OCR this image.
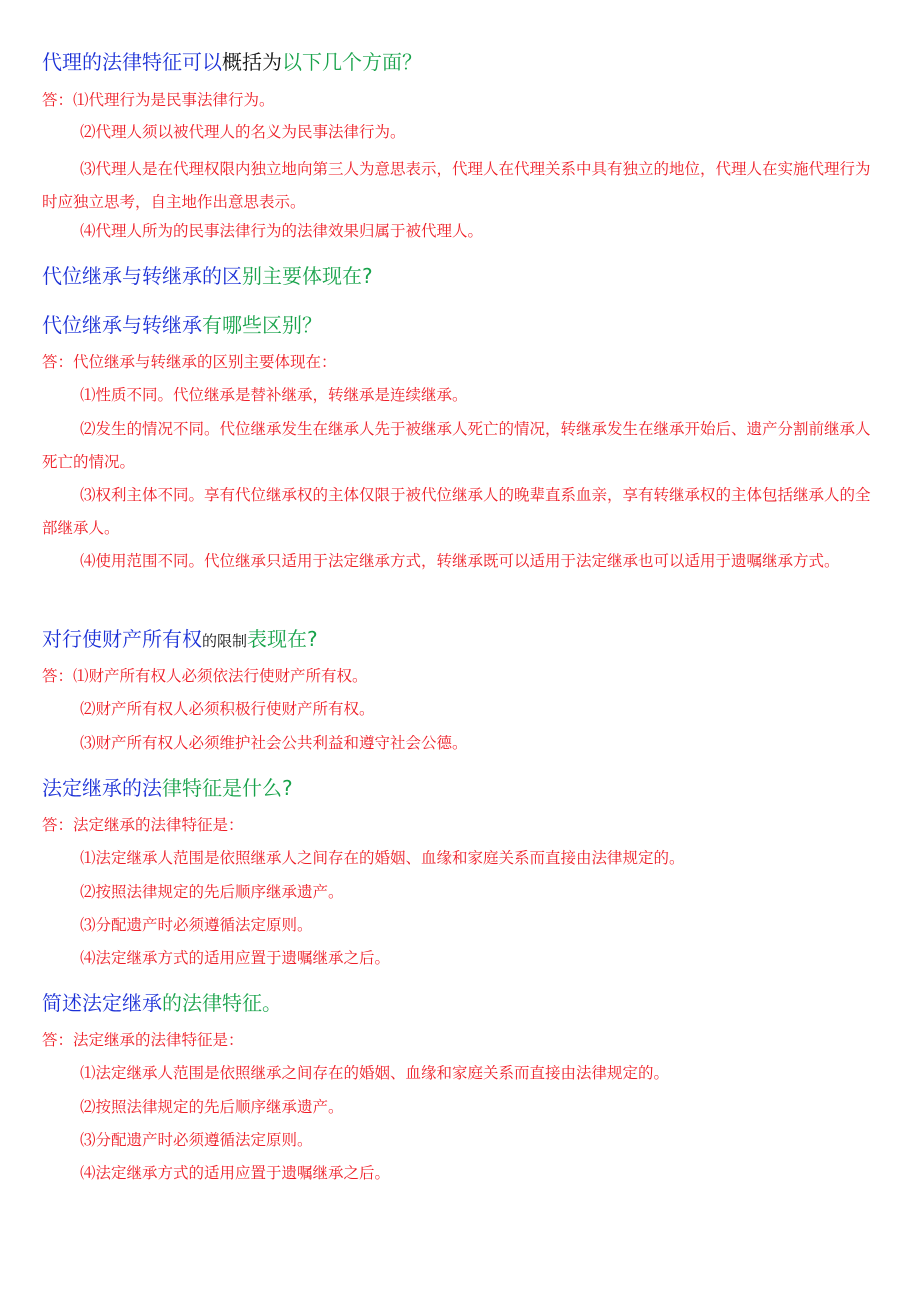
代理的法律特征可以概括为以下几个方面？

答：⑴代理行为是民事法律行为。

⑵代理人须以被代理人的名义为民事法律行为。

⑶代理人是在代理权限内独立地向第三人为意思表示，代理人在代理关系中具有独立的地位，代理人在实施代理行为时应独立思考，自主地作出意思表示。

⑷代理人所为的民事法律行为的法律效果归属于被代理人。

代位继承与转继承的区别主要体现在?
代位继承与转继承有哪些区别？

答：代位继承与转继承的区别主要体现在：

⑴性质不同。代位继承是替补继承，转继承是连续继承。

⑵发生的情况不同。代位继承发生在继承人先于被继承人死亡的情况，转继承发生在继承开始后、遗产分割前继承人死亡的情况。

⑶权利主体不同。享有代位继承权的主体仅限于被代位继承人的晚辈直系血亲，享有转继承权的主体包括继承人的全部继承人。

⑷使用范围不同。代位继承只适用于法定继承方式，转继承既可以适用于法定继承也可以适用于遗嘱继承方式。

对行使财产所有权的限制表现在?

答：⑴财产所有权人必须依法行使财产所有权。

⑵财产所有权人必须积极行使财产所有权。

⑶财产所有权人必须维护社会公共利益和遵守社会公德。

法定继承的法律特征是什么?

答：法定继承的法律特征是：

⑴法定继承人范围是依照继承人之间存在的婚姻、血缘和家庭关系而直接由法律规定的。

⑵按照法律规定的先后顺序继承遗产。

⑶分配遗产时必须遵循法定原则。

⑷法定继承方式的适用应置于遗嘱继承之后。

简述法定继承的法律特征。

答：法定继承的法律特征是：

⑴法定继承人范围是依照继承之间存在的婚姻、血缘和家庭关系而直接由法律规定的。

⑵按照法律规定的先后顺序继承遗产。

⑶分配遗产时必须遵循法定原则。

⑷法定继承方式的适用应置于遗嘱继承之后。
